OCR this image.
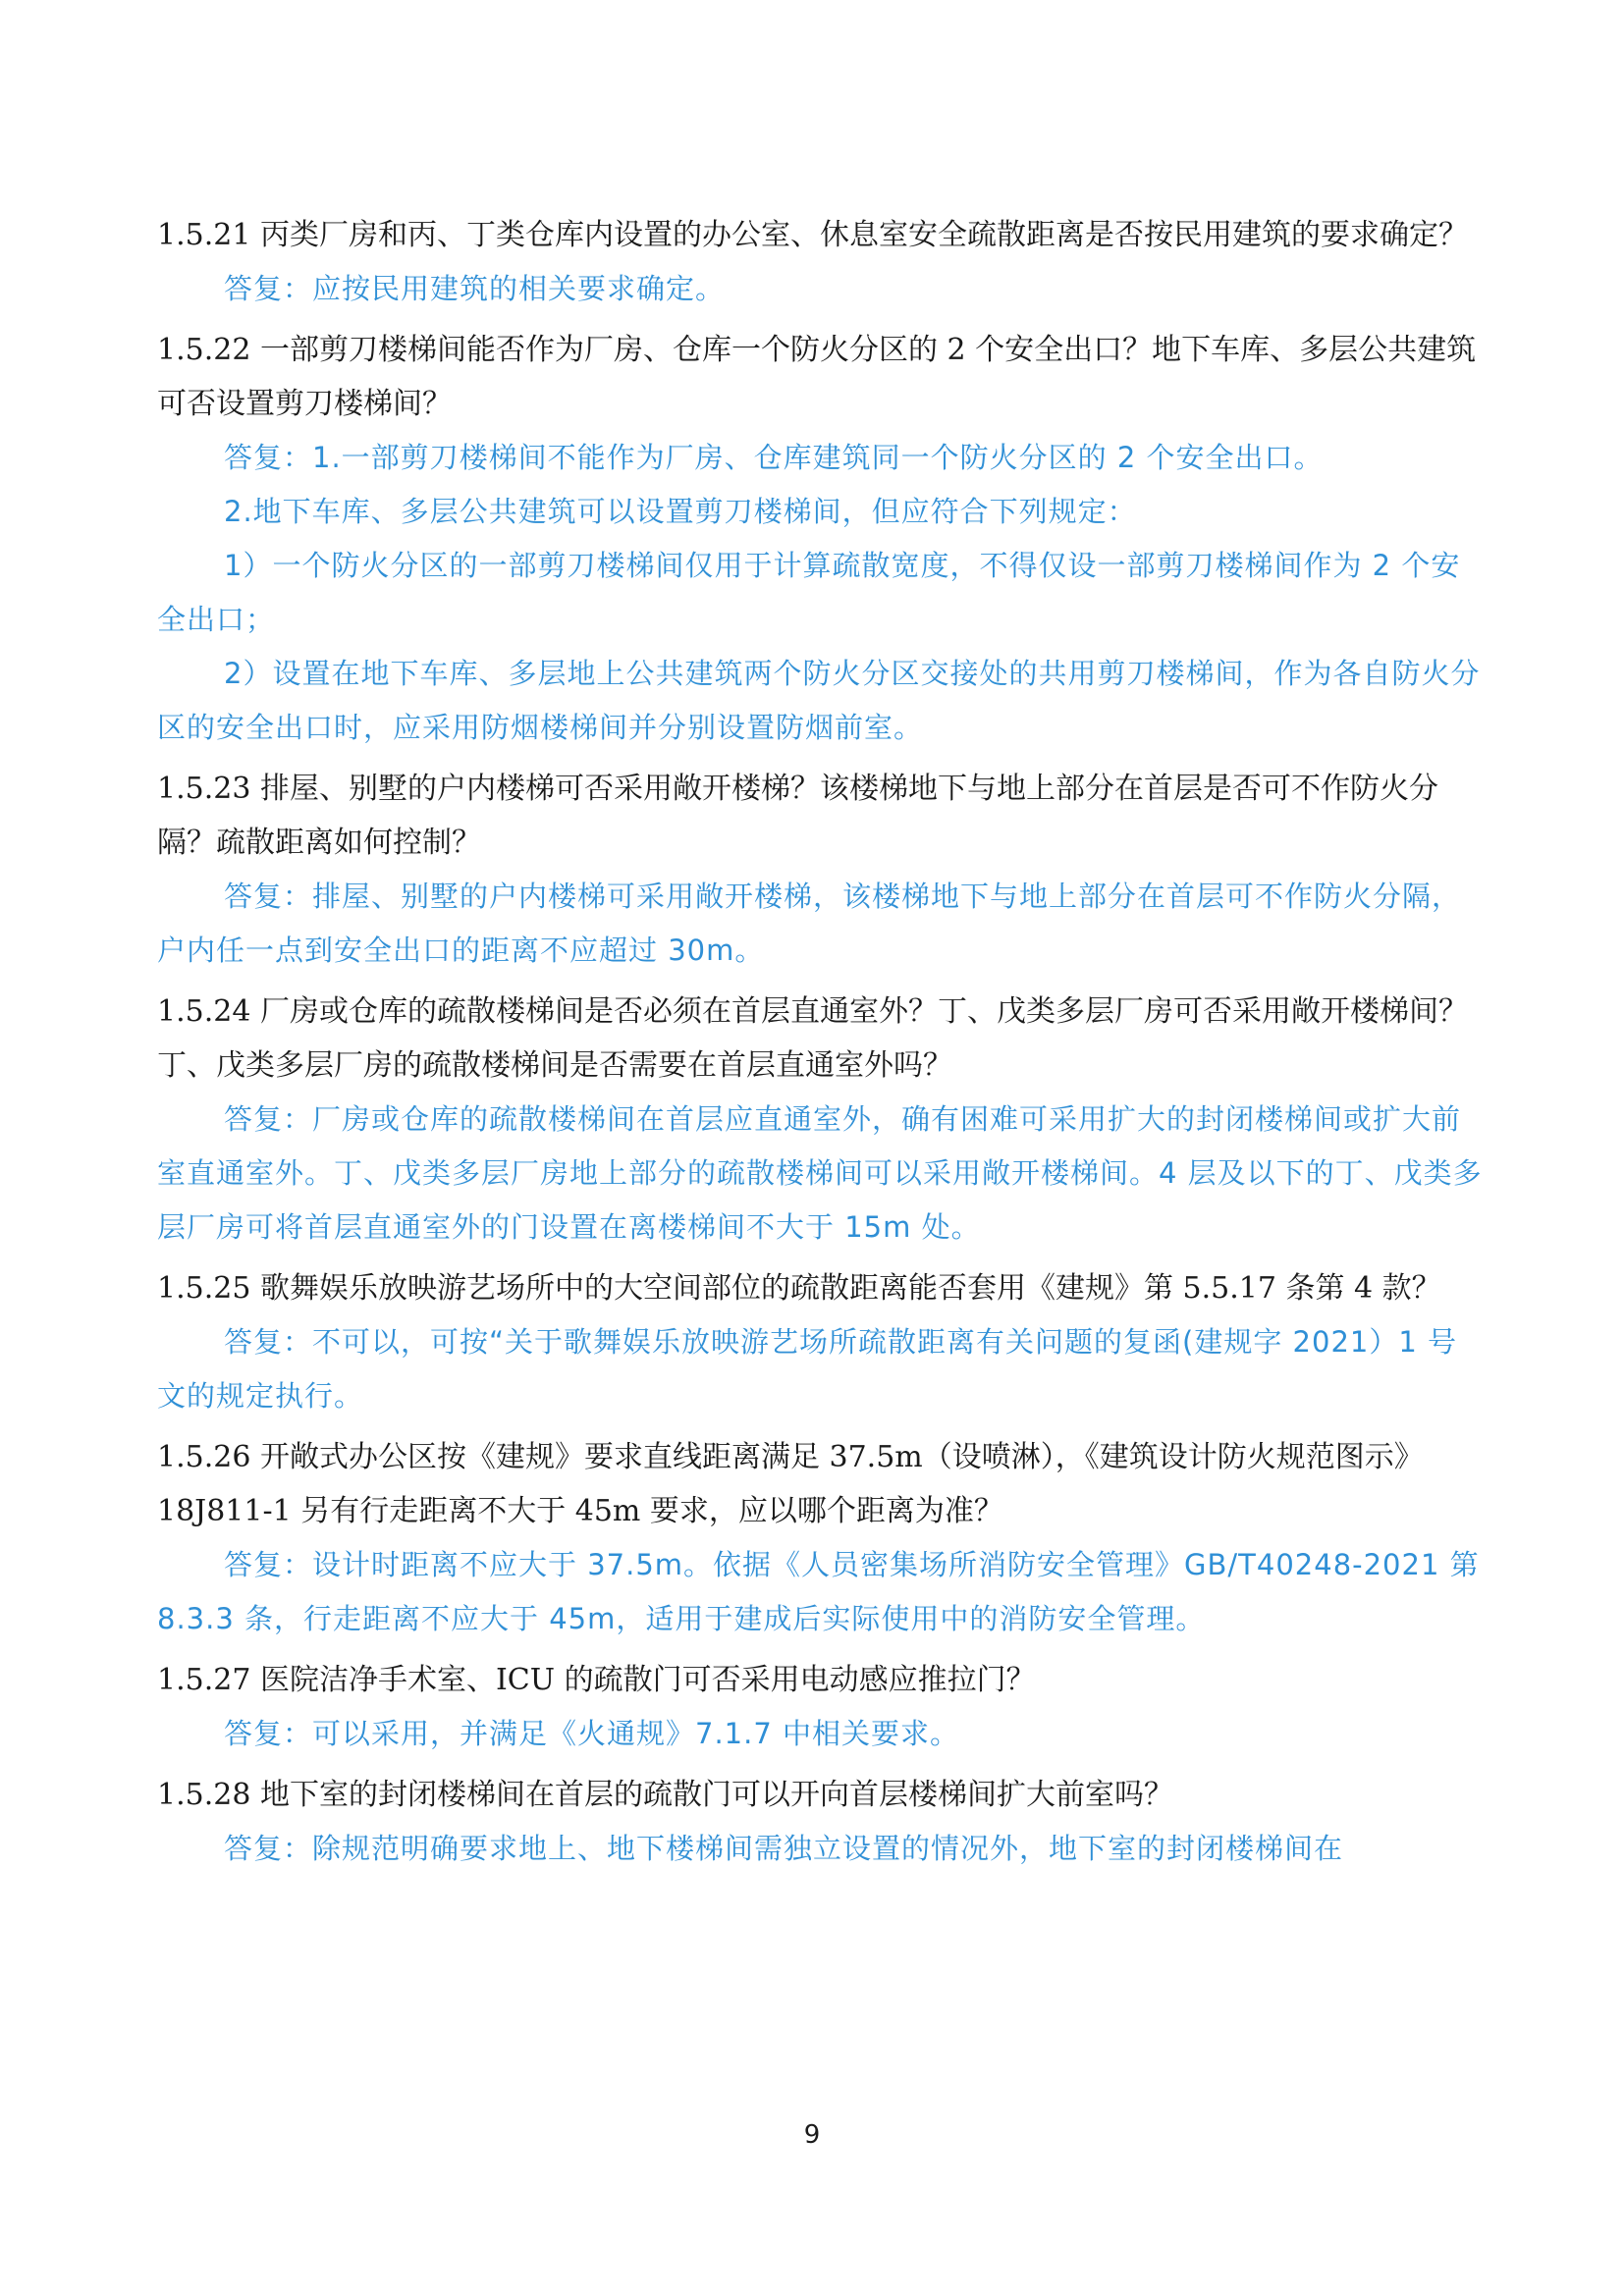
1.5.21 丙类厂房和丙、丁类仓库内设置的办公室、休息室安全疏散距离是否按民用建筑的要求确定？

答复：应按民用建筑的相关要求确定。

1.5.22 一部剪刀楼梯间能否作为厂房、仓库一个防火分区的 2 个安全出口？地下车库、多层公共建筑可否设置剪刀楼梯间？

答复：1.一部剪刀楼梯间不能作为厂房、仓库建筑同一个防火分区的 2 个安全出口。

2.地下车库、多层公共建筑可以设置剪刀楼梯间，但应符合下列规定：

1）一个防火分区的一部剪刀楼梯间仅用于计算疏散宽度，不得仅设一部剪刀楼梯间作为 2 个安全出口；

2）设置在地下车库、多层地上公共建筑两个防火分区交接处的共用剪刀楼梯间，作为各自防火分区的安全出口时，应采用防烟楼梯间并分别设置防烟前室。

1.5.23 排屋、别墅的户内楼梯可否采用敞开楼梯？该楼梯地下与地上部分在首层是否可不作防火分隔？疏散距离如何控制？

答复：排屋、别墅的户内楼梯可采用敞开楼梯，该楼梯地下与地上部分在首层可不作防火分隔，户内任一点到安全出口的距离不应超过 30m。

1.5.24 厂房或仓库的疏散楼梯间是否必须在首层直通室外？丁、戊类多层厂房可否采用敞开楼梯间？丁、戊类多层厂房的疏散楼梯间是否需要在首层直通室外吗？

答复：厂房或仓库的疏散楼梯间在首层应直通室外，确有困难可采用扩大的封闭楼梯间或扩大前室直通室外。丁、戊类多层厂房地上部分的疏散楼梯间可以采用敞开楼梯间。4 层及以下的丁、戊类多层厂房可将首层直通室外的门设置在离楼梯间不大于 15m 处。

1.5.25 歌舞娱乐放映游艺场所中的大空间部位的疏散距离能否套用《建规》第 5.5.17 条第 4 款？

答复：不可以，可按“关于歌舞娱乐放映游艺场所疏散距离有关问题的复函(建规字 2021）1 号文的规定执行。

1.5.26 开敞式办公区按《建规》要求直线距离满足 37.5m（设喷淋），《建筑设计防火规范图示》18J811-1 另有行走距离不大于 45m 要求，应以哪个距离为准？

答复：设计时距离不应大于 37.5m。依据《人员密集场所消防安全管理》GB/T40248-2021 第 8.3.3 条，行走距离不应大于 45m，适用于建成后实际使用中的消防安全管理。

1.5.27 医院洁净手术室、ICU 的疏散门可否采用电动感应推拉门？

答复：可以采用，并满足《火通规》7.1.7 中相关要求。

1.5.28 地下室的封闭楼梯间在首层的疏散门可以开向首层楼梯间扩大前室吗？

答复：除规范明确要求地上、地下楼梯间需独立设置的情况外，地下室的封闭楼梯间在

9
